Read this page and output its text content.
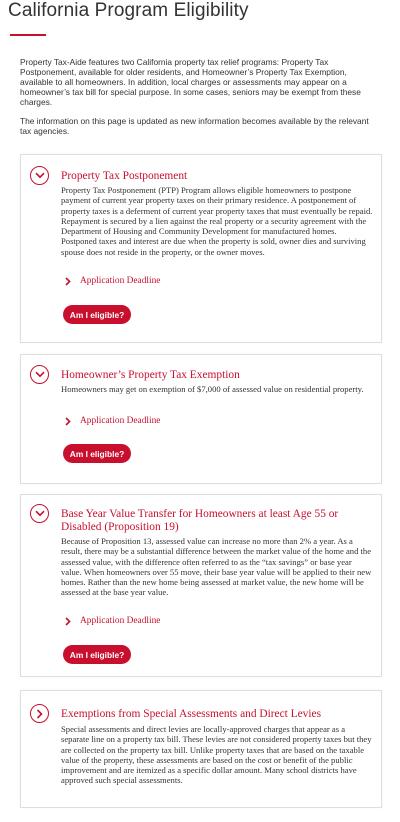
California Program Eligibility

Property Tax-Aide features two California property tax relief programs: Property Tax Postponement, available for older residents, and Homeowner’s Property Tax Exemption, available to all homeowners. In addition, local charges or assessments may appear on a homeowner’s tax bill for special purpose. In some cases, seniors may be exempt from these charges.

The information on this page is updated as new information becomes available by the relevant tax agencies.

Property Tax Postponement

Property Tax Postponement (PTP) Program allows eligible homeowners to postpone payment of current year property taxes on their primary residence. A postponement of property taxes is a deferment of current year property taxes that must eventually be repaid. Repayment is secured by a lien against the real property or a security agreement with the Department of Housing and Community Development for manufactured homes. Postponed taxes and interest are due when the property is sold, owner dies and surviving spouse does not reside in the property, or the owner moves.

Application Deadline
Am I eligible?
Homeowner’s Property Tax Exemption

Homeowners may get on exemption of $7,000 of assessed value on residential property.

Application Deadline
Am I eligible?
Base Year Value Transfer for Homeowners at least Age 55 or Disabled (Proposition 19)

Because of Proposition 13, assessed value can increase no more than 2% a year. As a result, there may be a substantial difference between the market value of the home and the assessed value, with the difference often referred to as the “tax savings” or base year value. When homeowners over 55 move, their base year value will be applied to their new homes. Rather than the new home being assessed at market value, the new home will be assessed at the base year value.

Application Deadline
Am I eligible?
Exemptions from Special Assessments and Direct Levies

Special assessments and direct levies are locally-approved charges that appear as a separate line on a property tax bill. These levies are not considered property taxes but they are collected on the property tax bill. Unlike property taxes that are based on the taxable value of the property, these assessments are based on the cost or benefit of the public improvement and are itemized as a specific dollar amount. Many school districts have approved such special assessments.
